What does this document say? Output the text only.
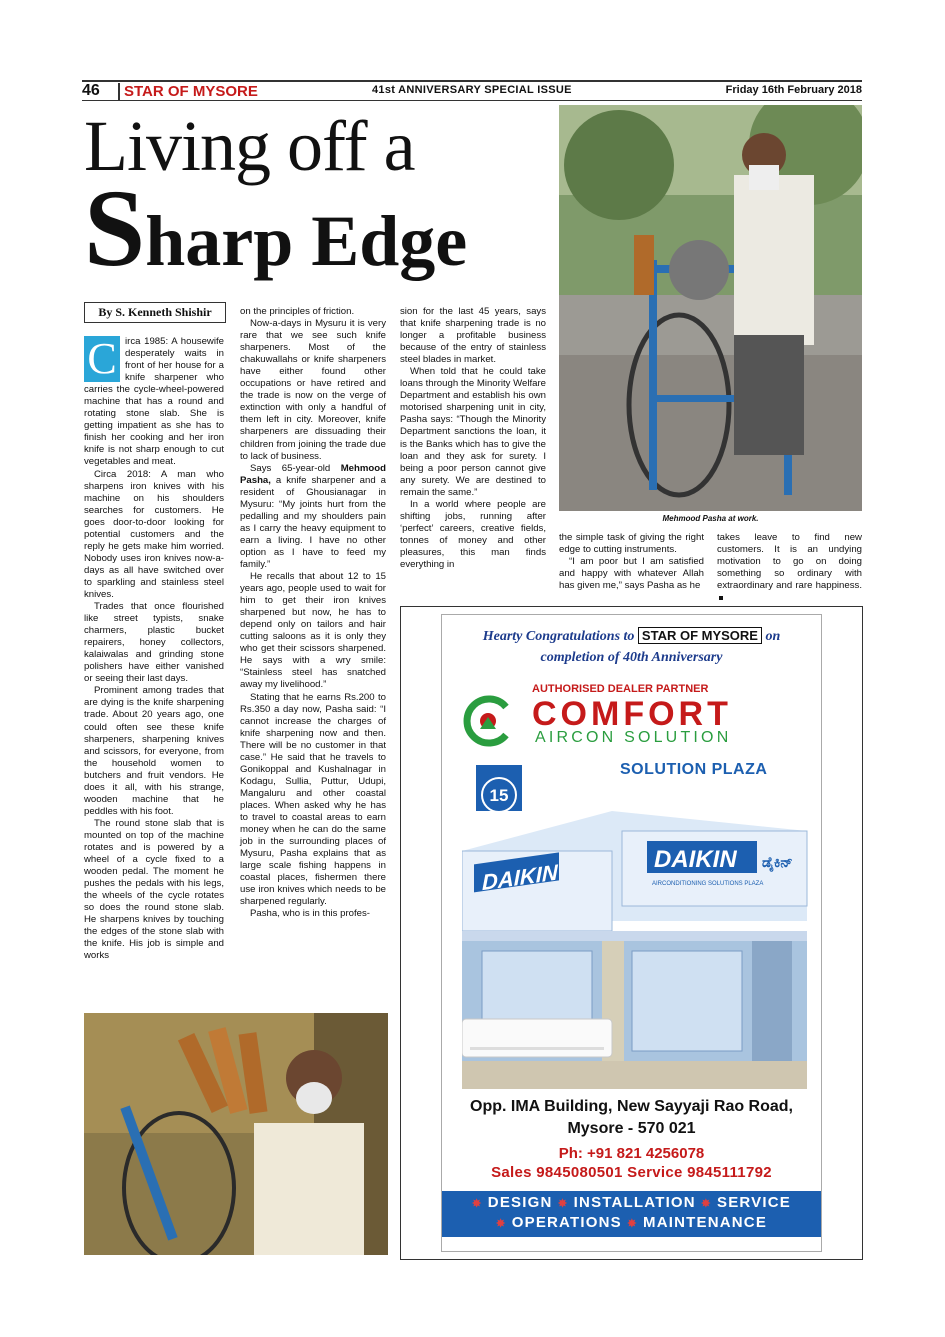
46	STAR OF MYSORE	41st ANNIVERSARY SPECIAL ISSUE	Friday 16th February 2018
Living off a
Sharp Edge
By S. Kenneth Shishir
C irca 1985: A housewife desperately waits in front of her house for a knife sharpener who carries the cycle-wheel-powered machine that has a round and rotating stone slab. She is getting impatient as she has to finish her cooking and her iron knife is not sharp enough to cut vegetables and meat.

Circa 2018: A man who sharpens iron knives with his machine on his shoulders searches for customers. He goes door-to-door looking for potential customers and the reply he gets make him worried. Nobody uses iron knives now-a-days as all have switched over to sparkling and stainless steel knives.

Trades that once flourished like street typists, snake charmers, plastic bucket repairers, honey collectors, kalaiwalas and grinding stone polishers have either vanished or seeing their last days.

Prominent among trades that are dying is the knife sharpening trade. About 20 years ago, one could often see these knife sharpeners, sharpening knives and scissors, for everyone, from the household women to butchers and fruit vendors. He does it all, with his strange, wooden machine that he peddles with his foot.

The round stone slab that is mounted on top of the machine rotates and is powered by a wheel of a cycle fixed to a wooden pedal. The moment he pushes the pedals with his legs, the wheels of the cycle rotates so does the round stone slab. He sharpens knives by touching the edges of the stone slab with the knife. His job is simple and works

on the principles of friction.

Now-a-days in Mysuru it is very rare that we see such knife sharpeners. Most of the chakuwallahs or knife sharpeners have either found other occupations or have retired and the trade is now on the verge of extinction with only a handful of them left in city. Moreover, knife sharpeners are dissuading their children from joining the trade due to lack of business.

Says 65-year-old Mehmood Pasha, a knife sharpener and a resident of Ghousianagar in Mysuru: “My joints hurt from the pedalling and my shoulders pain as I carry the heavy equipment to earn a living. I have no other option as I have to feed my family.”

He recalls that about 12 to 15 years ago, people used to wait for him to get their iron knives sharpened but now, he has to depend only on tailors and hair cutting saloons as it is only they who get their scissors sharpened. He says with a wry smile: “Stainless steel has snatched away my livelihood.”

Stating that he earns Rs.200 to Rs.350 a day now, Pasha said: “I cannot increase the charges of knife sharpening now and then. There will be no customer in that case.” He said that he travels to Gonikoppal and Kushalnagar in Kodagu, Sullia, Puttur, Udupi, Mangaluru and other coastal places. When asked why he has to travel to coastal areas to earn money when he can do the same job in the surrounding places of Mysuru, Pasha explains that as large scale fishing happens in coastal places, fishermen there use iron knives which needs to be sharpened regularly.

Pasha, who is in this profes-

sion for the last 45 years, says that knife sharpening trade is no longer a profitable business because of the entry of stainless steel blades in market.

When told that he could take loans through the Minority Welfare Department and establish his own motorised sharpening unit in city, Pasha says: “Though the Minority Department sanctions the loan, it is the Banks which has to give the loan and they ask for surety. I being a poor person cannot give any surety. We are destined to remain the same.”

In a world where people are shifting jobs, running after ‘perfect’ careers, creative fields, tonnes of money and other pleasures, this man finds everything in

Mehmood Pasha at work.

the simple task of giving the right edge to cutting instruments.

“I am poor but I am satisfied and happy with whatever Allah has given me,” says Pasha as he

takes leave to find new customers. It is an undying motivation to go on doing something so ordinary with extraordinary and rare happiness.

Hearty Congratulations to STAR OF MYSORE on
completion of 40th Anniversary
AUTHORISED DEALER PARTNER
COMFORT
AIRCON SOLUTION
15
SOLUTION PLAZA
DAIKIN
DAIKIN
AIRCONDITIONING SOLUTIONS PLAZA
ಡೈಕಿನ್
Opp. IMA Building, New Sayyaji Rao Road,
Mysore - 570 021
Ph: +91 821 4256078
Sales 9845080501 Service 9845111792
✸ DESIGN ✸ INSTALLATION ✸ SERVICE
✸ OPERATIONS ✸ MAINTENANCE
